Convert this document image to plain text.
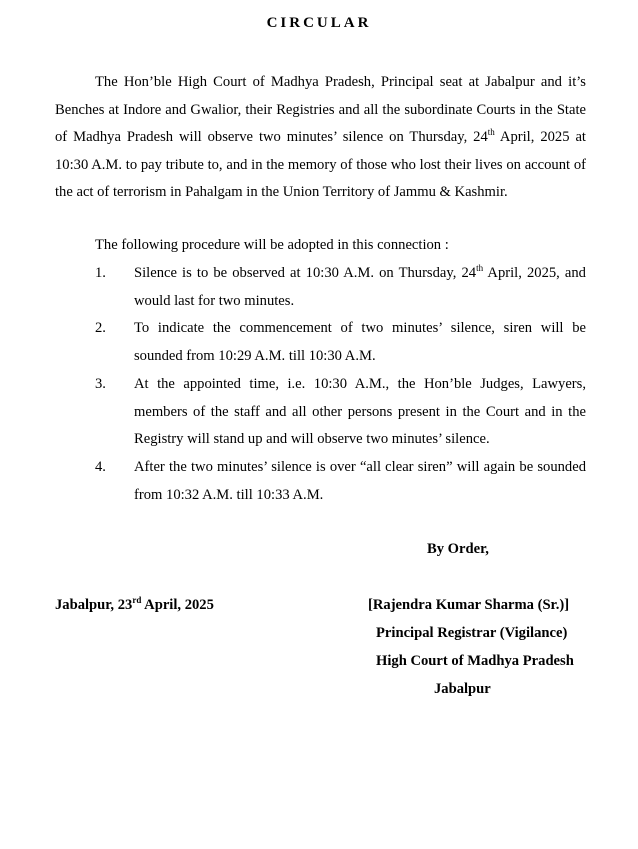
CIRCULAR
The Hon’ble High Court of Madhya Pradesh, Principal seat at Jabalpur and it’s Benches at Indore and Gwalior, their Registries and all the subordinate Courts in the State of Madhya Pradesh will observe two minutes’ silence on Thursday, 24th April, 2025 at 10:30 A.M. to pay tribute to, and in the memory of those who lost their lives on account of the act of terrorism in Pahalgam in the Union Territory of Jammu & Kashmir.
The following procedure will be adopted in this connection :
1. Silence is to be observed at 10:30 A.M. on Thursday, 24th April, 2025, and would last for two minutes.
2. To indicate the commencement of two minutes’ silence, siren will be sounded from 10:29 A.M. till 10:30 A.M.
3. At the appointed time, i.e. 10:30 A.M., the Hon’ble Judges, Lawyers, members of the staff and all other persons present in the Court and in the Registry will stand up and will observe two minutes’ silence.
4. After the two minutes’ silence is over “all clear siren” will again be sounded from 10:32 A.M. till 10:33 A.M.
By Order,
Jabalpur, 23rd April, 2025	[Rajendra Kumar Sharma (Sr.)]
Principal Registrar (Vigilance)
High Court of Madhya Pradesh
Jabalpur
